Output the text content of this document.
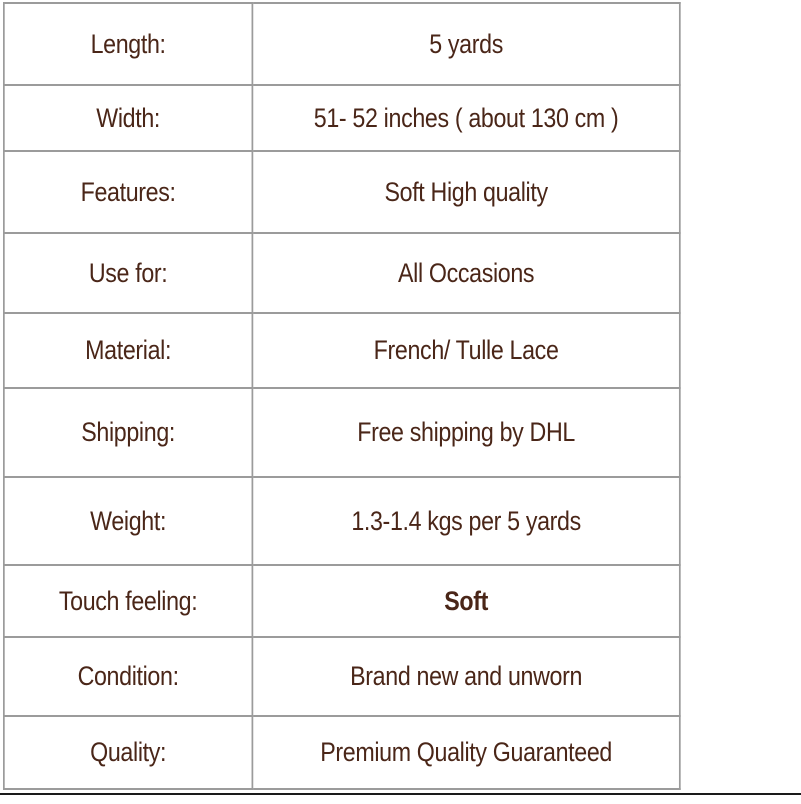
Length:	5 yards
Width:	51- 52 inches ( about 130 cm )
Features:	Soft High quality
Use for:	All Occasions
Material:	French/ Tulle Lace
Shipping:	Free shipping by DHL
Weight:	1.3-1.4 kgs per 5 yards
Touch feeling:	Soft
Condition:	Brand new and unworn
Quality:	Premium Quality Guaranteed
